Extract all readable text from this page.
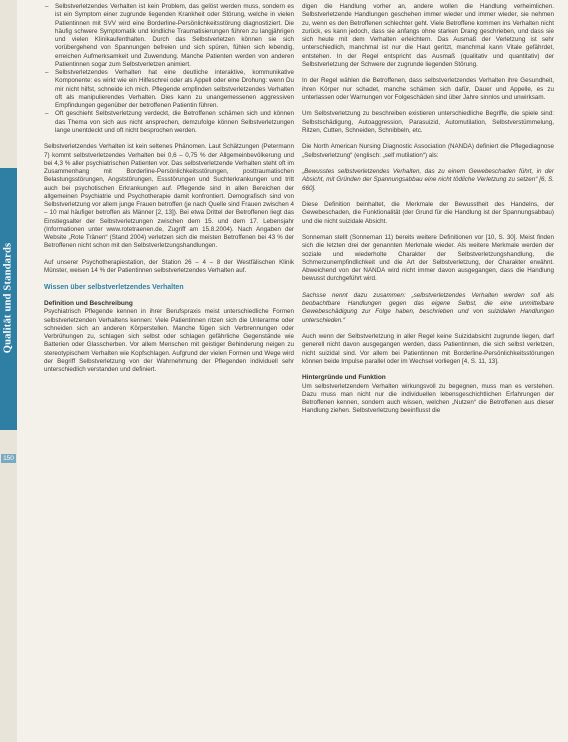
Qualität und Standards
150
– Selbstverletzendes Verhalten ist kein Problem, das gelöst werden muss, sondern es ist ein Symptom einer zugrunde liegenden Krankheit oder Störung, welche in vielen Patientinnen mit SVV wird eine Borderline-Persönlichkeitsstörung diagnostiziert. Die häufig schwere Symptomatik und kindliche Traumatisierungen führen zu langjährigen und vielen Klinikaufenthalten. Durch das Selbstverletzen können sie sich vorübergehend von Spannungen befreien und sich spüren, fühlen sich lebendig, erreichen Aufmerksamkeit und Zuwendung. Manche Patienten werden von anderen Patientinnen sogar zum Selbstverletzen animiert.
– Selbstverletzendes Verhalten hat eine deutliche interaktive, kommunikative Komponente: es wirkt wie ein Hilfeschrei oder als Appell oder eine Drohung: wenn Du mir nicht hilfst, schneide ich mich. Pflegende empfinden selbstverletzendes Verhalten oft als manipulierendes Verhalten. Dies kann zu unangemessenen aggressiven Empfindungen gegenüber der betroffenen Patientin führen.
– Oft geschieht Selbstverletzung verdeckt, die Betroffenen schämen sich und können das Thema von sich aus nicht ansprechen, demzufolge können Selbstverletzungen lange unentdeckt und oft nicht besprochen werden.

Selbstverletzendes Verhalten ist kein seltenes Phänomen. Laut Schätzungen (Petermann 7) kommt selbstverletzendes Verhalten bei 0,6 – 0,75 % der Allgemeinbevölkerung und bei 4,3 % aller psychiatrischen Patienten vor. Das selbstverletzende Verhalten steht oft im Zusammenhang mit Borderline-Persönlichkeitsstörungen, posttraumatischen Belastungsstörungen, Angststörungen, Essstörungen und Suchterkrankungen und tritt auch bei psychotischen Erkrankungen auf. Pflegende sind in allen Bereichen der allgemeinen Psychiatrie und Psychotherapie damit konfrontiert. Demografisch sind von Selbstverletzung vor allem junge Frauen betroffen (je nach Quelle sind Frauen zwischen 4 – 10 mal häufiger betroffen als Männer [2, 13]). Bei etwa Drittel der Betroffenen liegt das Einstiegsalter der Selbstverletzungen zwischen dem 15. und dem 17. Lebensjahr (Informationen unter www.rotetraenen.de, Zugriff am 15.8.2004). Nach Angaben der Website „Rote Tränen“ (Stand 2004) verletzen sich die meisten Betroffenen bei 43 % der Betroffenen nicht schon mit den Selbstverletzungshandlungen.

Auf unserer Psychotherapiestation, der Station 26 – 4 – 8 der Westfälischen Klinik Münster, weisen 14 % der Patientinnen selbstverletzendes Verhalten auf.

Wissen über selbstverletzendes Verhalten
Definition und Beschreibung

Psychiatrisch Pflegende kennen in ihrer Berufspraxis meist unterschiedliche Formen selbstverletzenden Verhaltens kennen: Viele Patientinnen ritzen sich die Unterarme oder schneiden sich an anderen Körperstellen. Manche fügen sich Verbrennungen oder Verbrühungen zu, schlagen sich selbst oder schlagen gefährliche Gegenstände wie Batterien oder Glasscherben. Vor allem Menschen mit geistiger Behinderung neigen zu stereotypischem Verhalten wie Kopfschlagen. Aufgrund der vielen Formen und Wege wird der Begriff Selbstverletzung von der Wahrnehmung der Pflegenden individuell sehr unterschiedlich verstanden und definiert.

digen die Handlung vorher an, andere wollen die Handlung verheimlichen. Selbstverletzende Handlungen geschehen immer wieder und immer wieder, sie nehmen zu, wenn es den Betroffenen schlechter geht. Viele Betroffene kommen ins Verhalten nicht zurück, es kann jedoch, dass sie anfangs ohne starken Drang geschrieben, und dass sie sich heute mit dem Verhalten erleichtern. Das Ausmaß der Verletzung ist sehr unterschiedlich, manchmal ist nur die Haut geritzt, manchmal kann Vitale gefährdet, entstehen. In der Regel entspricht das Ausmaß (qualitativ und quantitativ) der Selbstverletzung der Schwere der zugrunde liegenden Störung.

In der Regel wählen die Betroffenen, dass selbstverletzendes Verhalten ihre Gesundheit, ihren Körper nur schadet, manche schämen sich dafür, Dauer und Appelle, es zu unterlassen oder Warnungen vor Folgeschäden sind über Jahre sinnlos und unwirksam.

Um Selbstverletzung zu beschreiben existieren unterschiedliche Begriffe, die spiele sind: Selbstschädigung, Autoaggression, Parasuizid, Automutilation, Selbstverstümmelung, Ritzen, Cutten, Schneiden, Schnibbeln, etc.

Die North American Nursing Diagnostic Association (NANDA) definiert die Pflegediagnose „Selbstverletzung“ (englisch: „self mutilation“) als:

„Bewusstes selbstverletzendes Verhalten, das zu einem Gewebeschaden führt, in der Absicht, mit Gründen der Spannungsabbau eine nicht tödliche Verletzung zu setzen“ [6, S. 660].

Diese Definition beinhaltet, die Merkmale der Bewusstheit des Handelns, der Gewebeschaden, die Funktionalität (der Grund für die Handlung ist der Spannungsabbau) und die nicht suizidale Absicht.

Sonneman stellt (Sonneman 11) bereits weitere Definitionen vor [10, S. 30]. Meist finden sich die letzten drei der genannten Merkmale wieder. Als weitere Merkmale werden der soziale und wiederholte Charakter der Selbstverletzungshandlung, die Schmerzunempfindlichkeit und die Art der Selbstverletzung, der Charakter erwähnt. Abweichend von der NANDA wird nicht immer davon ausgegangen, dass die Handlung bewusst durchgeführt wird.

Sachsse nennt dazu zusammen: „selbstverletzendes Verhalten werden soll als beobachtbare Handlungen gegen das eigene Selbst, die eine unmittelbare Gewebeschädigung zur Folge haben, beschrieben und von suizidalen Handlungen unterschieden.“

Auch wenn der Selbstverletzung in aller Regel keine Suizidabsicht zugrunde liegen, darf generell nicht davon ausgegangen werden, dass Patientinnen, die sich selbst verletzen, nicht suizidal sind. Vor allem bei Patientinnen mit Borderline-Persönlichkeitsstörungen können beide Impulse parallel oder im Wechsel vorliegen [4, S. 11, 13].

Hintergründe und Funktion

Um selbstverletzendem Verhalten wirkungsvoll zu begegnen, muss man es verstehen. Dazu muss man nicht nur die individuellen lebensgeschichtlichen Erfahrungen der Betroffenen kennen, sondern auch wissen, welchen „Nutzen“ die Betroffenen aus dieser Handlung ziehen. Selbstverletzung beeinflusst die
